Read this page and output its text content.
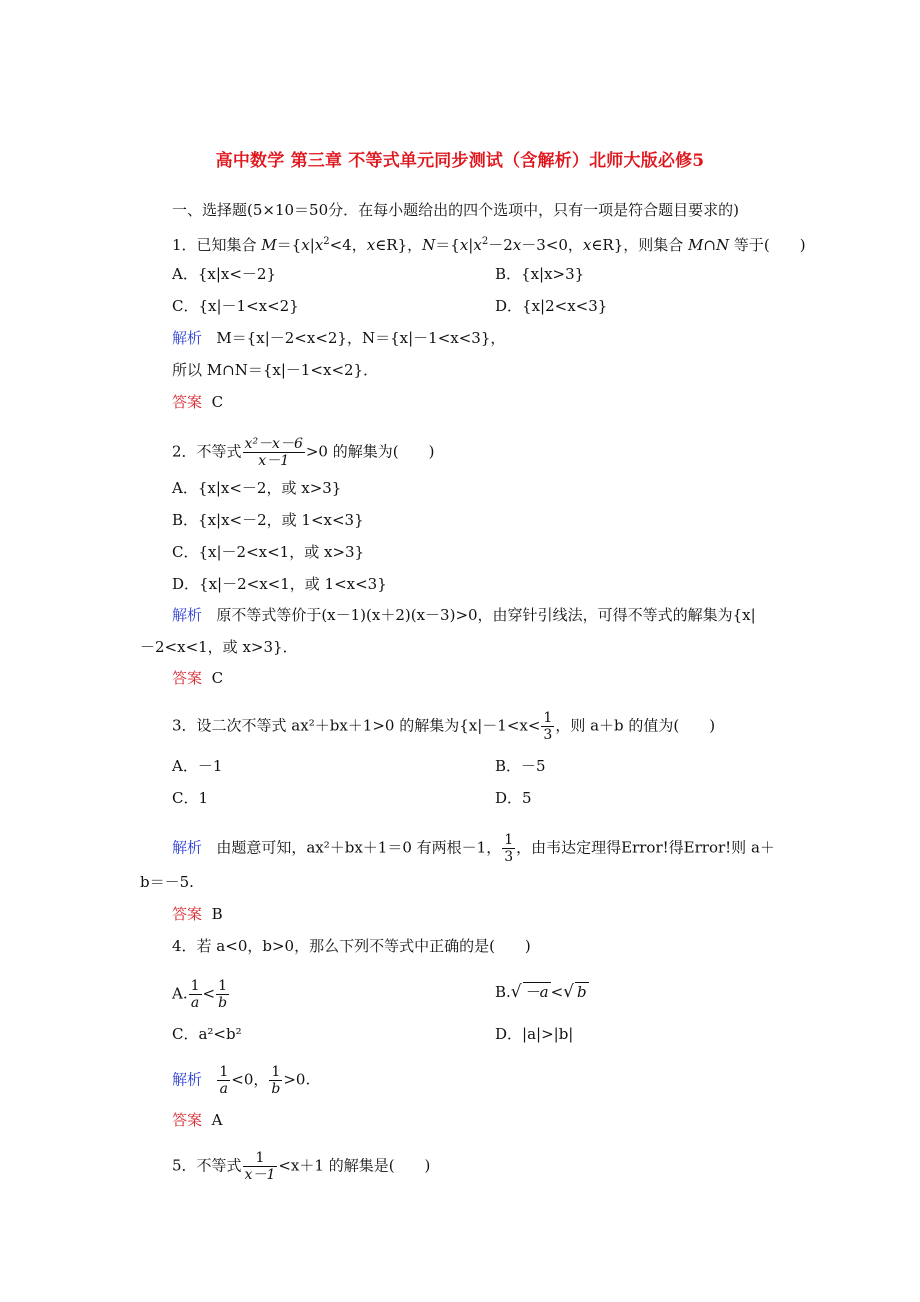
高中数学 第三章 不等式单元同步测试（含解析）北师大版必修5
一、选择题(5×10＝50分．在每小题给出的四个选项中，只有一项是符合题目要求的)
1．已知集合 $M=\{x|x^2<4$，x∈R}，$N=\{x|x^2-2x-3<0$，x∈R}，则集合 M∩N 等于(　　)
A．{x|x<－2}	B．{x|x>3}
C．{x|－1<x<2}	D．{x|2<x<3}
解析 M＝{x|－2<x<2}，N＝{x|－1<x<3}，
所以 M∩N＝{x|－1<x<2}．
答案 C
2．不等式 $\frac{\text{x²－x－6}}{x-1} >0$ 的解集为(　　)
A．{x|x<－2，或 x>3}
B．{x|x<－2，或 1<x<3}
C．{x|－2<x<1，或 x>3}
D．{x|－2<x<1，或 1<x<3}
解析 原不等式等价于(x－1)(x＋2)(x－3)>0，由穿针引线法，可得不等式的解集为{x|
－2<x<1，或 x>3}．
答案 C
3．设二次不等式 ax²＋bx＋1>0 的解集为{$x|-1<x< \frac{1}{3}$ ，则 a＋b 的值为(　　)
A．－1	B．－5
C．1	D．5
解析 由题意可知，ax²＋bx＋1＝0 有两根－1， $\frac{1}{3}$ ，由韦达定理得Error!得Error!则 a＋
b＝－5.
答案 B
4．若 a<0，b>0，那么下列不等式中正确的是(　　)
A. $\frac{1}{a} < \frac{1}{b}$	B.√ －a <√ b
C．a²<b²	D．|a|>|b|
解析 $\frac{1}{a} <0$， $\frac{1}{b} >0$.
答案 A
5．不等式 $\frac{1}{x-1} <x+1$ 的解集是(　　)
